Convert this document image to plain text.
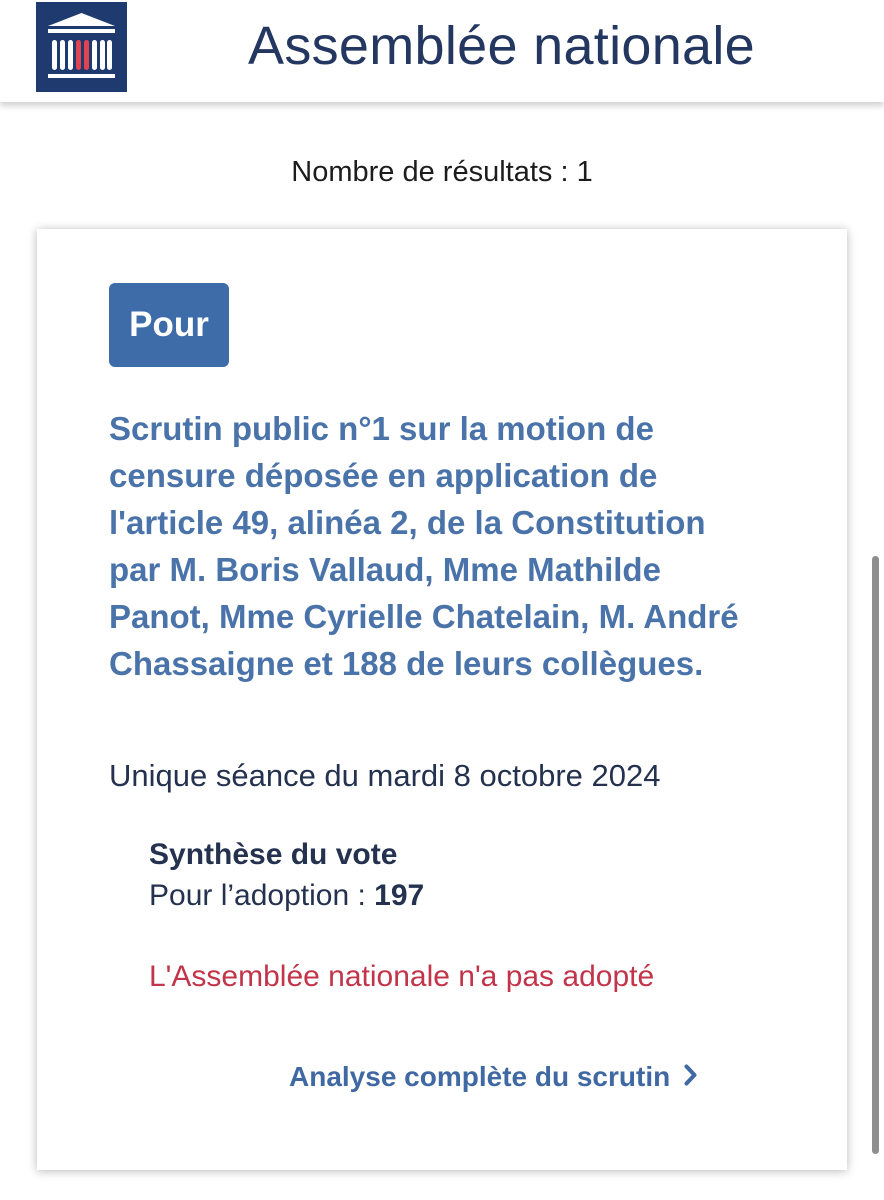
Assemblée nationale
Nombre de résultats : 1
Pour

Scrutin public n°1 sur la motion de censure déposée en application de l'article 49, alinéa 2, de la Constitution par M. Boris Vallaud, Mme Mathilde Panot, Mme Cyrielle Chatelain, M. André Chassaigne et 188 de leurs collègues.

Unique séance du mardi 8 octobre 2024
Synthèse du vote
Pour l’adoption : 197
L'Assemblée nationale n'a pas adopté
Analyse complète du scrutin
